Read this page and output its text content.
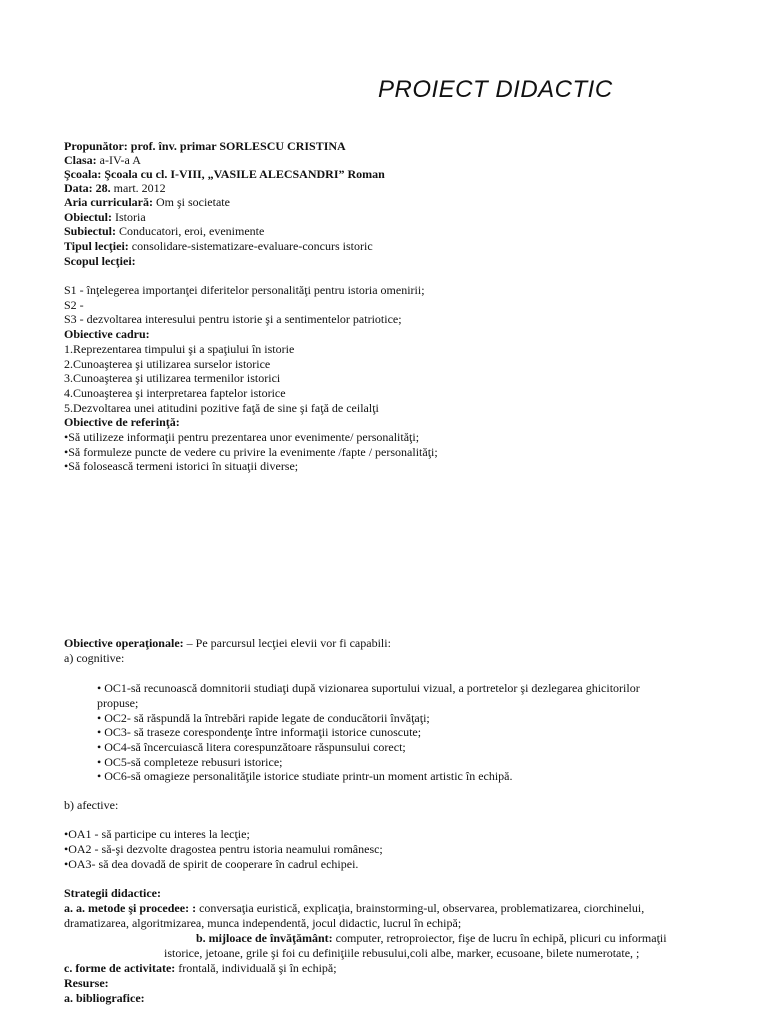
PROIECT DIDACTIC
Propunător: prof. înv. primar SORLESCU CRISTINA
Clasa: a-IV-a A
Şcoala: Şcoala cu cl. I-VIII, „VASILE ALECSANDRI” Roman
Data: 28. mart. 2012
Aria curriculară: Om şi societate
Obiectul: Istoria
Subiectul: Conducatori, eroi, evenimente
Tipul lecţiei: consolidare-sistematizare-evaluare-concurs istoric
Scopul lecţiei:
S1 - înţelegerea importanţei diferitelor personalităţi pentru istoria omenirii;
S2 -
S3 - dezvoltarea interesului pentru istorie şi a sentimentelor patriotice;
Obiective cadru:
1.Reprezentarea timpului şi a spaţiului în istorie
2.Cunoaşterea şi utilizarea surselor istorice
3.Cunoaşterea şi utilizarea termenilor istorici
4.Cunoaşterea şi interpretarea faptelor istorice
5.Dezvoltarea unei atitudini pozitive faţă de sine şi faţă de ceilalţi
Obiective de referinţă:
•Să utilizeze informaţii pentru prezentarea unor evenimente/ personalităţi;
•Să formuleze puncte de vedere cu privire la evenimente /fapte / personalităţi;
•Să folosească termeni istorici în situaţii diverse;
Obiective operaţionale: – Pe parcursul lecţiei elevii vor fi capabili:
a) cognitive:
• OC1-să recunoască domnitorii studiaţi după vizionarea suportului vizual, a portretelor şi dezlegarea ghicitorilor
propuse;
• OC2- să răspundă la întrebări rapide legate de conducătorii învăţaţi;
• OC3- să traseze corespondenţe între informaţii istorice cunoscute;
• OC4-să încercuiască litera corespunzătoare răspunsului corect;
• OC5-să completeze rebusuri istorice;
• OC6-să omagieze personalităţile istorice studiate printr-un moment artistic în echipă.
b) afective:
•OA1 - să participe cu interes la lecţie;
•OA2 - să-şi dezvolte dragostea pentru istoria neamului românesc;
•OA3- să dea dovadă de spirit de cooperare în cadrul echipei.
Strategii didactice:
a. a. metode şi procedee: : conversaţia euristică, explicaţia, brainstorming-ul, observarea, problematizarea, ciorchinelui,
dramatizarea, algoritmizarea, munca independentă, jocul didactic, lucrul în echipă;
b. mijloace de învăţământ: computer, retroproiector, fişe de lucru în echipă, plicuri cu informaţii
istorice, jetoane, grile şi foi cu definiţiile rebusului,coli albe, marker, ecusoane, bilete numerotate, ;
c. forme de activitate: frontală, individuală şi în echipă;
Resurse:
a. bibliografice:
